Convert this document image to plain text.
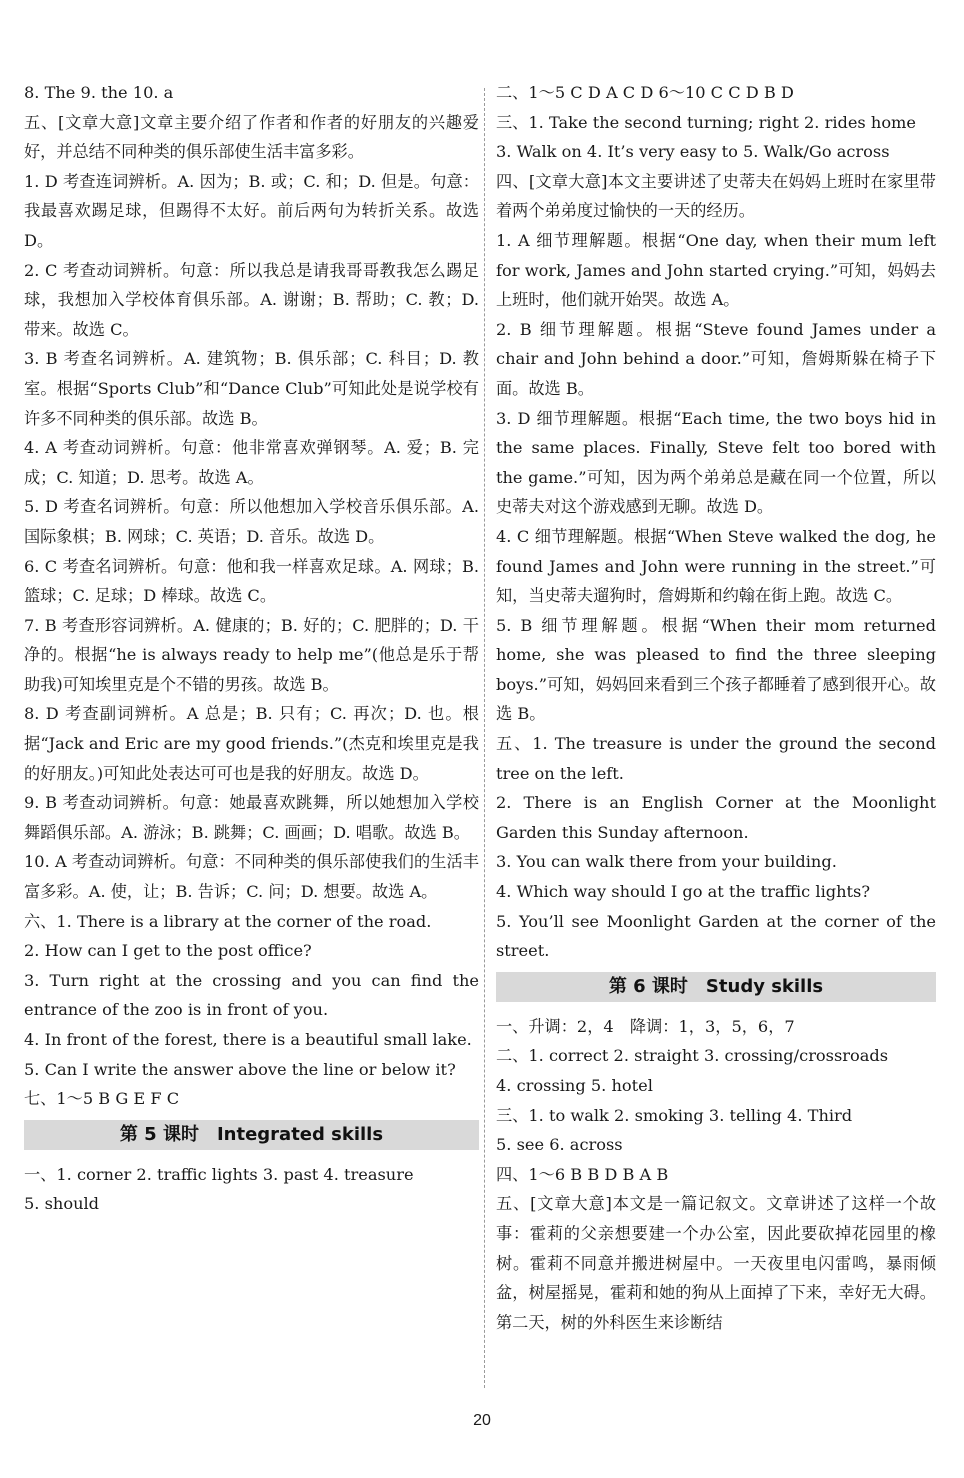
8. The 9. the 10. a
五、[文章大意]文章主要介绍了作者和作者的好朋友的兴趣爱好，并总结不同种类的俱乐部使生活丰富多彩。
1. D 考查连词辨析。A. 因为；B. 或；C. 和；D. 但是。句意：我最喜欢踢足球，但踢得不太好。前后两句为转折关系。故选 D。
2. C 考查动词辨析。句意：所以我总是请我哥哥教我怎么踢足球，我想加入学校体育俱乐部。A. 谢谢；B. 帮助；C. 教；D. 带来。故选 C。
3. B 考查名词辨析。A. 建筑物；B. 俱乐部；C. 科目；D. 教室。根据“Sports Club”和“Dance Club”可知此处是说学校有许多不同种类的俱乐部。故选 B。
4. A 考查动词辨析。句意：他非常喜欢弹钢琴。A. 爱；B. 完成；C. 知道；D. 思考。故选 A。
5. D 考查名词辨析。句意：所以他想加入学校音乐俱乐部。A. 国际象棋；B. 网球；C. 英语；D. 音乐。故选 D。
6. C 考查名词辨析。句意：他和我一样喜欢足球。A. 网球；B. 篮球；C. 足球；D 棒球。故选 C。
7. B 考查形容词辨析。A. 健康的；B. 好的；C. 肥胖的；D. 干净的。根据“he is always ready to help me”(他总是乐于帮助我)可知埃里克是个不错的男孩。故选 B。
8. D 考查副词辨析。A 总是；B. 只有；C. 再次；D. 也。根据“Jack and Eric are my good friends.”(杰克和埃里克是我的好朋友。)可知此处表达可可也是我的好朋友。故选 D。
9. B 考查动词辨析。句意：她最喜欢跳舞，所以她想加入学校舞蹈俱乐部。A. 游泳；B. 跳舞；C. 画画；D. 唱歌。故选 B。
10. A 考查动词辨析。句意：不同种类的俱乐部使我们的生活丰富多彩。A. 使，让；B. 告诉；C. 问；D. 想要。故选 A。
六、1. There is a library at the corner of the road.
2. How can I get to the post office?
3. Turn right at the crossing and you can find the entrance of the zoo is in front of you.
4. In front of the forest, there is a beautiful small lake.
5. Can I write the answer above the line or below it?
七、1～5 B G E F C
第 5 课时　Integrated skills
一、1. corner 2. traffic lights 3. past 4. treasure
5. should
二、1～5 C D A C D 6～10 C C D B D
三、1. Take the second turning; right 2. rides home
3. Walk on 4. It’s very easy to 5. Walk/Go across
四、[文章大意]本文主要讲述了史蒂夫在妈妈上班时在家里带着两个弟弟度过愉快的一天的经历。
1. A 细节理解题。根据“One day, when their mum left for work, James and John started crying.”可知，妈妈去上班时，他们就开始哭。故选 A。
2. B 细节理解题。根据“Steve found James under a chair and John behind a door.”可知，詹姆斯躲在椅子下面。故选 B。
3. D 细节理解题。根据“Each time, the two boys hid in the same places. Finally, Steve felt too bored with the game.”可知，因为两个弟弟总是藏在同一个位置，所以史蒂夫对这个游戏感到无聊。故选 D。
4. C 细节理解题。根据“When Steve walked the dog, he found James and John were running in the street.”可知，当史蒂夫遛狗时，詹姆斯和约翰在街上跑。故选 C。
5. B 细节理解题。根据“When their mom returned home, she was pleased to find the three sleeping boys.”可知，妈妈回来看到三个孩子都睡着了感到很开心。故选 B。
五、1. The treasure is under the ground the second tree on the left.
2. There is an English Corner at the Moonlight Garden this Sunday afternoon.
3. You can walk there from your building.
4. Which way should I go at the traffic lights?
5. You’ll see Moonlight Garden at the corner of the street.
第 6 课时　Study skills
一、升调：2，4　降调：1，3，5，6，7
二、1. correct 2. straight 3. crossing/crossroads
4. crossing 5. hotel
三、1. to walk 2. smoking 3. telling 4. Third
5. see 6. across
四、1～6 B B D B A B
五、[文章大意]本文是一篇记叙文。文章讲述了这样一个故事：霍莉的父亲想要建一个办公室，因此要砍掉花园里的橡树。霍莉不同意并搬进树屋中。一天夜里电闪雷鸣，暴雨倾盆，树屋摇晃，霍莉和她的狗从上面掉了下来，幸好无大碍。第二天，树的外科医生来诊断结
20
